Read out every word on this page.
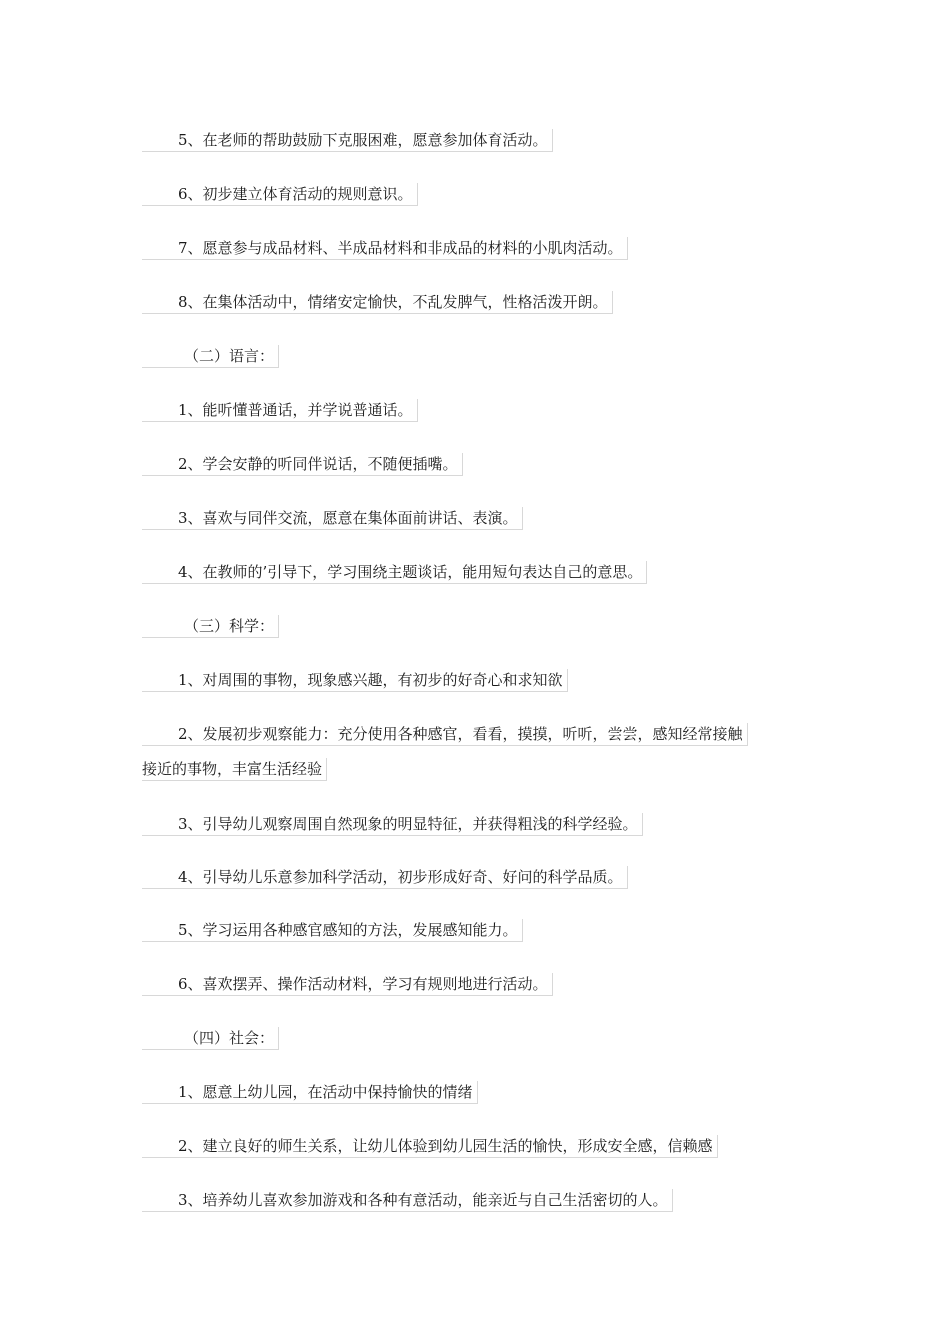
5、在老师的帮助鼓励下克服困难，愿意参加体育活动。
6、初步建立体育活动的规则意识。
7、愿意参与成品材料、半成品材料和非成品的材料的小肌肉活动。
8、在集体活动中，情绪安定愉快，不乱发脾气，性格活泼开朗。
（二）语言：
1、能听懂普通话，并学说普通话。
2、学会安静的听同伴说话，不随便插嘴。
3、喜欢与同伴交流，愿意在集体面前讲话、表演。
4、在教师的’引导下，学习围绕主题谈话，能用短句表达自己的意思。
（三）科学：
1、对周围的事物，现象感兴趣，有初步的好奇心和求知欲
2、发展初步观察能力：充分使用各种感官，看看，摸摸，听听，尝尝，感知经常接触
接近的事物，丰富生活经验
3、引导幼儿观察周围自然现象的明显特征，并获得粗浅的科学经验。
4、引导幼儿乐意参加科学活动，初步形成好奇、好问的科学品质。
5、学习运用各种感官感知的方法，发展感知能力。
6、喜欢摆弄、操作活动材料，学习有规则地进行活动。
（四）社会：
1、愿意上幼儿园，在活动中保持愉快的情绪
2、建立良好的师生关系，让幼儿体验到幼儿园生活的愉快，形成安全感，信赖感
3、培养幼儿喜欢参加游戏和各种有意活动，能亲近与自己生活密切的人。
